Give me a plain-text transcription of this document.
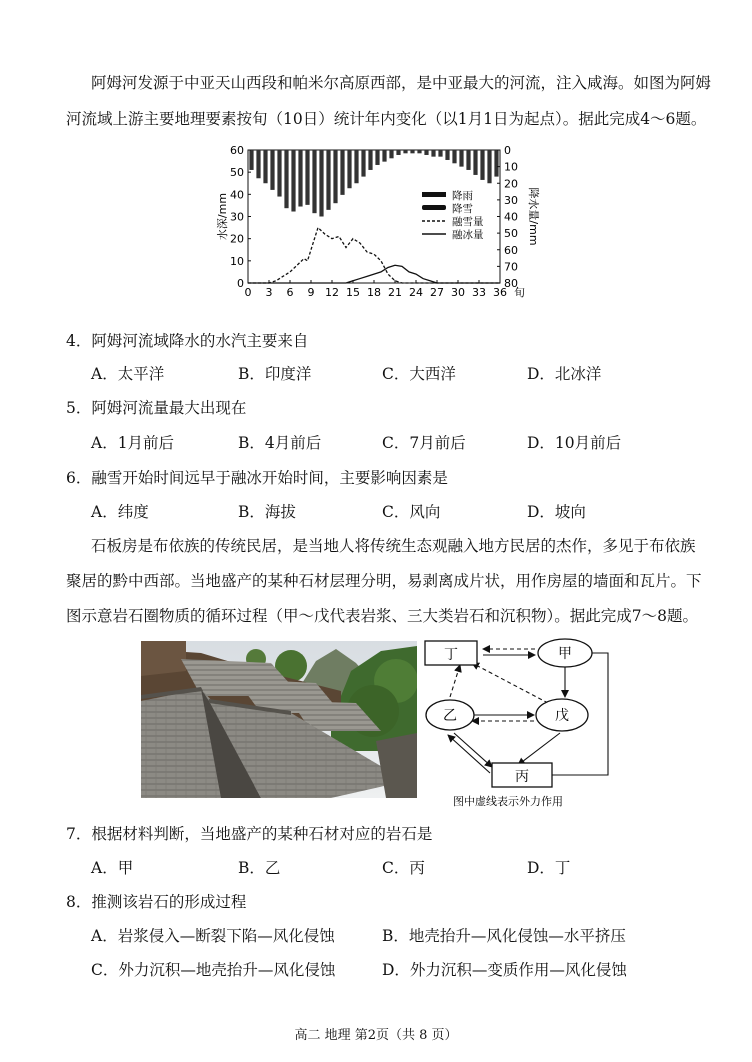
阿姆河发源于中亚天山西段和帕米尔高原西部，是中亚最大的河流，注入咸海。如图为阿姆
河流域上游主要地理要素按旬（10日）统计年内变化（以1月1日为起点）。据此完成4～6题。
0
10
20
30
40
50
60	0
10
20
30
40
50
60
70
80
0 3 6 9 12 15 18 21 24 27 30 33 36 旬
水深/mm	降水量/mm
降雨
降雪
融雪量
融冰量
4．阿姆河流域降水的水汽主要来自
A．太平洋	B．印度洋	C．大西洋	D．北冰洋
5．阿姆河流量最大出现在
A．1月前后	B．4月前后	C．7月前后	D．10月前后
6．融雪开始时间远早于融冰开始时间，主要影响因素是
A．纬度	B．海拔	C．风向	D．坡向
石板房是布依族的传统民居，是当地人将传统生态观融入地方民居的杰作，多见于布依族
聚居的黔中西部。当地盛产的某种石材层理分明，易剥离成片状，用作房屋的墙面和瓦片。下
图示意岩石圈物质的循环过程（甲～戊代表岩浆、三大类岩石和沉积物）。据此完成7～8题。
丁	甲
乙	戊
丙
图中虚线表示外力作用
7．根据材料判断，当地盛产的某种石材对应的岩石是
A．甲	B．乙	C．丙	D．丁
8．推测该岩石的形成过程
A．岩浆侵入—断裂下陷—风化侵蚀	B．地壳抬升—风化侵蚀—水平挤压
C．外力沉积—地壳抬升—风化侵蚀	D．外力沉积—变质作用—风化侵蚀
高二 地理 第2页（共 8 页）
